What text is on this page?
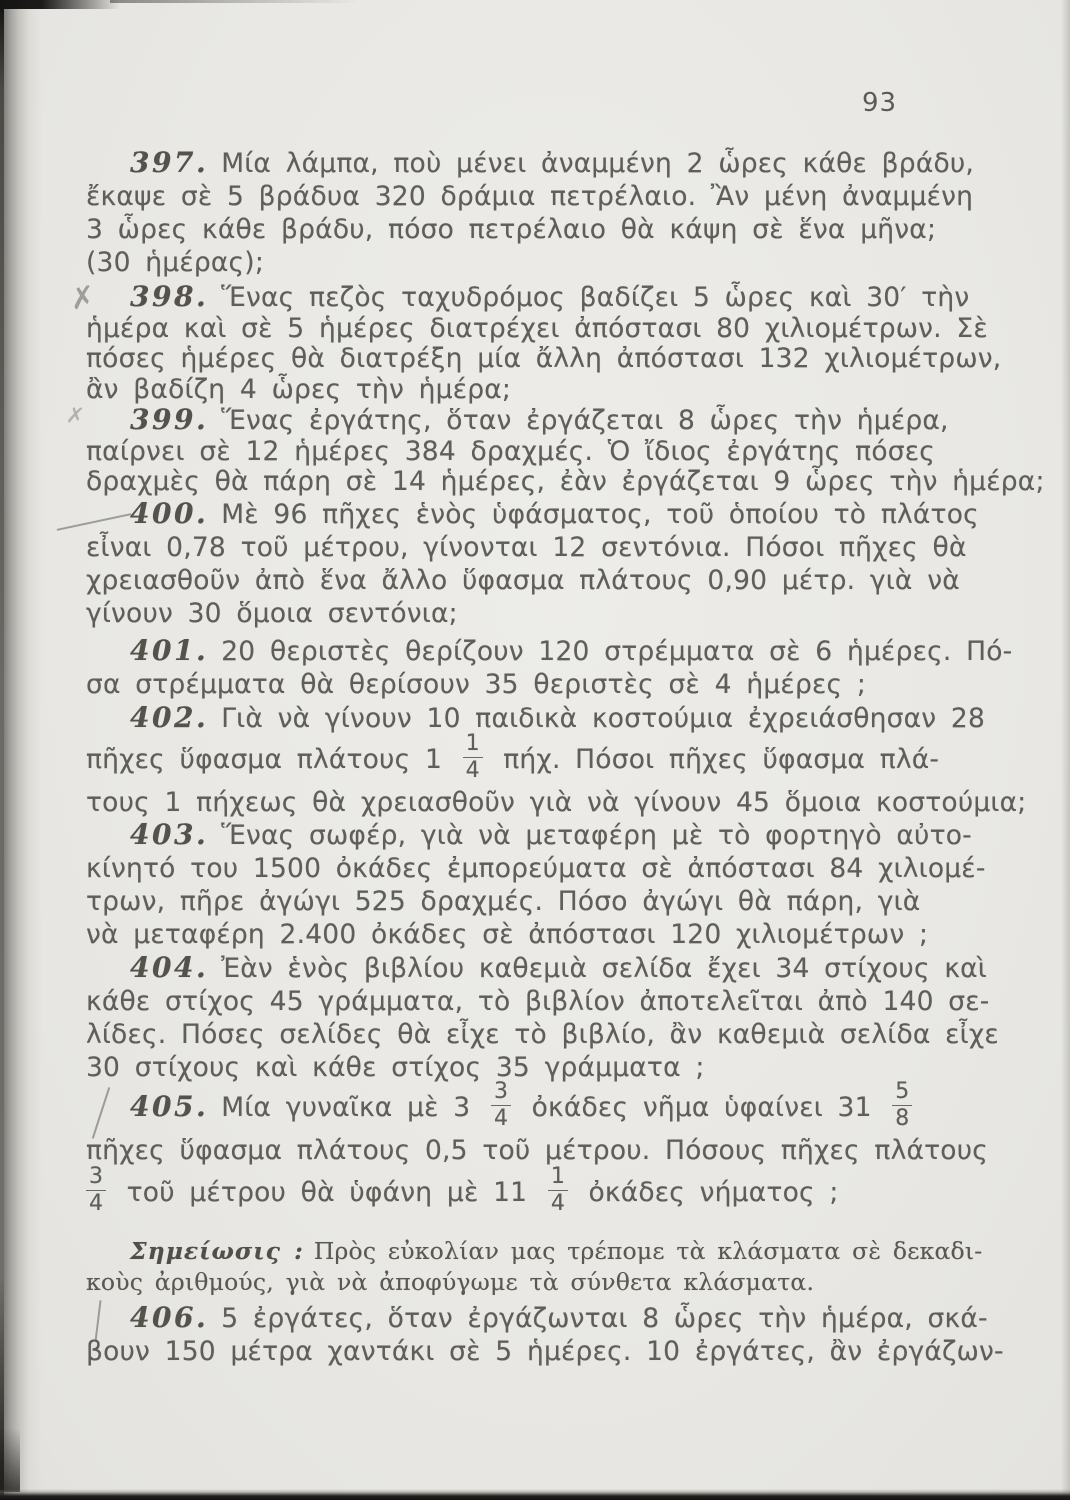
93
✗
✗
397. Μία λάμπα, ποὺ μένει ἀναμμένη 2 ὧρες κάθε βράδυ,
ἔκαψε σὲ 5 βράδυα 320 δράμια πετρέλαιο. Ἂν μένη ἀναμμένη
3 ὧρες κάθε βράδυ, πόσο πετρέλαιο θὰ κάψη σὲ ἕνα μῆνα;
(30 ἡμέρας);
398. Ἕνας πεζὸς ταχυδρόμος βαδίζει 5 ὧρες καὶ 30′ τὴν
ἡμέρα καὶ σὲ 5 ἡμέρες διατρέχει ἀπόστασι 80 χιλιομέτρων. Σὲ
πόσες ἡμέρες θὰ διατρέξη μία ἄλλη ἀπόστασι 132 χιλιομέτρων,
ἂν βαδίζη 4 ὧρες τὴν ἡμέρα;
399. Ἕνας ἐργάτης, ὅταν ἐργάζεται 8 ὧρες τὴν ἡμέρα,
παίρνει σὲ 12 ἡμέρες 384 δραχμές. Ὁ ἴδιος ἐργάτης πόσες
δραχμὲς θὰ πάρη σὲ 14 ἡμέρες, ἐὰν ἐργάζεται 9 ὧρες τὴν ἡμέρα;
400. Μὲ 96 πῆχες ἑνὸς ὑφάσματος, τοῦ ὁποίου τὸ πλάτος
εἶναι 0,78 τοῦ μέτρου, γίνονται 12 σεντόνια. Πόσοι πῆχες θὰ
χρειασθοῦν ἀπὸ ἕνα ἄλλο ὕφασμα πλάτους 0,90 μέτρ. γιὰ νὰ
γίνουν 30 ὅμοια σεντόνια;
401. 20 θεριστὲς θερίζουν 120 στρέμματα σὲ 6 ἡμέρες. Πό-
σα στρέμματα θὰ θερίσουν 35 θεριστὲς σὲ 4 ἡμέρες ;
402. Γιὰ νὰ γίνουν 10 παιδικὰ κοστούμια ἐχρειάσθησαν 28
πῆχες ὕφασμα πλάτους $1 \frac{1}{4} \pi ή\chi$. Πόσοι πῆχες ὕφασμα πλά-
τους 1 πήχεως θὰ χρειασθοῦν γιὰ νὰ γίνουν 45 ὅμοια κοστούμια;
403. Ἕνας σωφέρ, γιὰ νὰ μεταφέρη μὲ τὸ φορτηγὸ αὐτο-
κίνητό του 1500 ὀκάδες ἐμπορεύματα σὲ ἀπόστασι 84 χιλιομέ-
τρων, πῆρε ἀγώγι 525 δραχμές. Πόσο ἀγώγι θὰ πάρη, γιὰ
νὰ μεταφέρη 2.400 ὀκάδες σὲ ἀπόστασι 120 χιλιομέτρων ;
404. Ἐὰν ἑνὸς βιβλίου καθεμιὰ σελίδα ἔχει 34 στίχους καὶ
κάθε στίχος 45 γράμματα, τὸ βιβλίον ἀποτελεῖται ἀπὸ 140 σε-
λίδες. Πόσες σελίδες θὰ εἶχε τὸ βιβλίο, ἂν καθεμιὰ σελίδα εἶχε
30 στίχους καὶ κάθε στίχος 35 γράμματα ;
405. Μία γυναῖκα μὲ $3 \frac{3}{4}$ ὀκάδες νῆμα ὑφαίνει $31 \frac{5}{8}$
πῆχες ὕφασμα πλάτους 0,5 τοῦ μέτρου. Πόσους πῆχες πλάτους
$\frac{3}{4}$ τοῦ μέτρου θὰ ὑφάνη μὲ $11 \frac{1}{4}$ ὀκάδες νήματος ;
Σημείωσις : Πρὸς εὐκολίαν μας τρέπομε τὰ κλάσματα σὲ δεκαδι-
κοὺς ἀριθμούς, γιὰ νὰ ἀποφύγωμε τὰ σύνθετα κλάσματα.
406. 5 ἐργάτες, ὅταν ἐργάζωνται 8 ὧρες τὴν ἡμέρα, σκά-
βουν 150 μέτρα χαντάκι σὲ 5 ἡμέρες. 10 ἐργάτες, ἂν ἐργάζων-
